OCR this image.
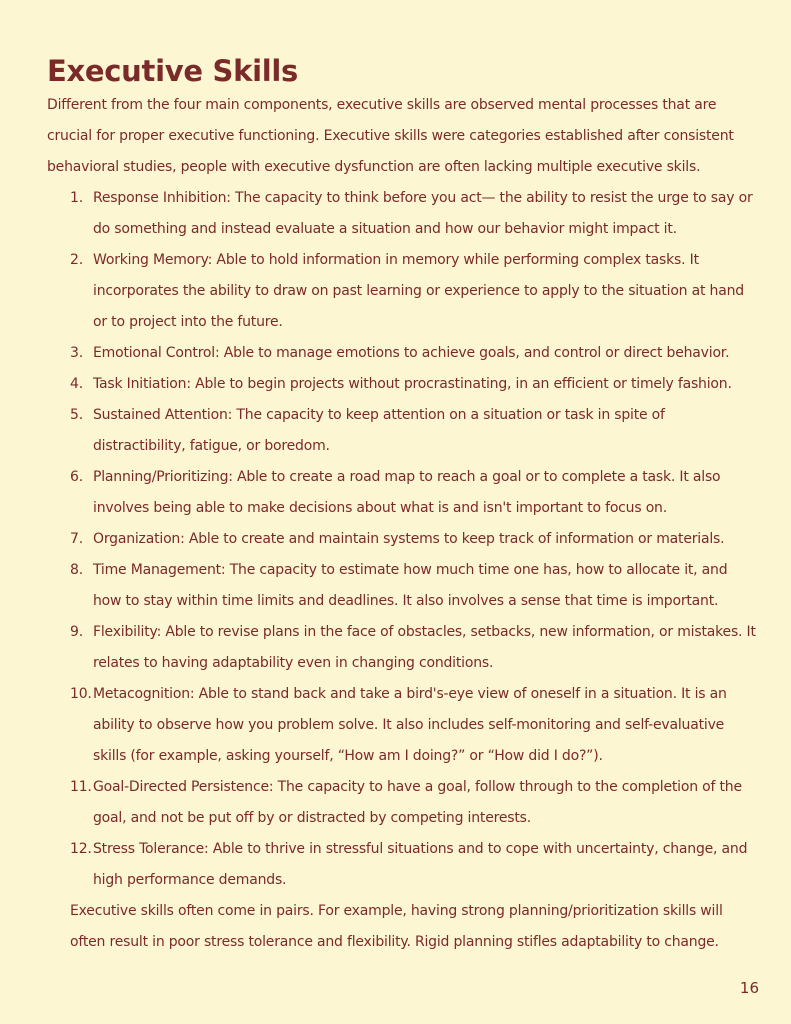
Executive Skills

Different from the four main components, executive skills are observed mental processes that are crucial for proper executive functioning. Executive skills were categories established after consistent behavioral studies, people with executive dysfunction are often lacking multiple executive skils.

1. Response Inhibition: The capacity to think before you act— the ability to resist the urge to say or do something and instead evaluate a situation and how our behavior might impact it.
2. Working Memory: Able to hold information in memory while performing complex tasks. It incorporates the ability to draw on past learning or experience to apply to the situation at hand or to project into the future.
3. Emotional Control: Able to manage emotions to achieve goals, and control or direct behavior.
4. Task Initiation: Able to begin projects without procrastinating, in an efficient or timely fashion.
5. Sustained Attention: The capacity to keep attention on a situation or task in spite of distractibility, fatigue, or boredom.
6. Planning/Prioritizing: Able to create a road map to reach a goal or to complete a task. It also involves being able to make decisions about what is and isn't important to focus on.
7. Organization: Able to create and maintain systems to keep track of information or materials.
8. Time Management: The capacity to estimate how much time one has, how to allocate it, and how to stay within time limits and deadlines. It also involves a sense that time is important.
9. Flexibility: Able to revise plans in the face of obstacles, setbacks, new information, or mistakes. It relates to having adaptability even in changing conditions.
10. Metacognition: Able to stand back and take a bird's-eye view of oneself in a situation. It is an ability to observe how you problem solve. It also includes self-monitoring and self-evaluative skills (for example, asking yourself, “How am I doing?” or “How did I do?”).
11. Goal-Directed Persistence: The capacity to have a goal, follow through to the completion of the goal, and not be put off by or distracted by competing interests.
12. Stress Tolerance: Able to thrive in stressful situations and to cope with uncertainty, change, and high performance demands.

Executive skills often come in pairs. For example, having strong planning/prioritization skills will often result in poor stress tolerance and flexibility. Rigid planning stifles adaptability to change.

16
